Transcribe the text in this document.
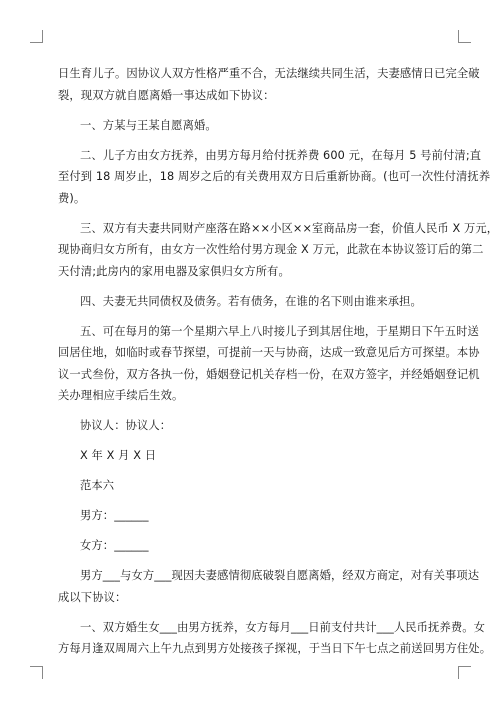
日生育儿子。因协议人双方性格严重不合，无法继续共同生活，夫妻感情日已完全破
裂，现双方就自愿离婚一事达成如下协议：
一、方某与王某自愿离婚。
二、儿子方由女方抚养，由男方每月给付抚养费 600 元，在每月 5 号前付清;直
至付到 18 周岁止，18 周岁之后的有关费用双方日后重新协商。(也可一次性付清抚养
费)。
三、双方有夫妻共同财产座落在路××小区××室商品房一套，价值人民币 X 万元，
现协商归女方所有，由女方一次性给付男方现金 X 万元，此款在本协议签订后的第二
天付清;此房内的家用电器及家俱归女方所有。
四、夫妻无共同债权及债务。若有债务，在谁的名下则由谁来承担。
五、可在每月的第一个星期六早上八时接儿子到其居住地，于星期日下午五时送
回居住地，如临时或春节探望，可提前一天与协商，达成一致意见后方可探望。本协
议一式叁份，双方各执一份，婚姻登记机关存档一份，在双方签字，并经婚姻登记机
关办理相应手续后生效。
协议人：协议人：
X 年 X 月 X 日
范本六
男方：______
女方：______
男方___与女方___现因夫妻感情彻底破裂自愿离婚，经双方商定，对有关事项达
成以下协议：
一、双方婚生女___由男方抚养，女方每月___日前支付共计___人民币抚养费。女
方每月逢双周周六上午九点到男方处接孩子探视，于当日下午七点之前送回男方住处。
